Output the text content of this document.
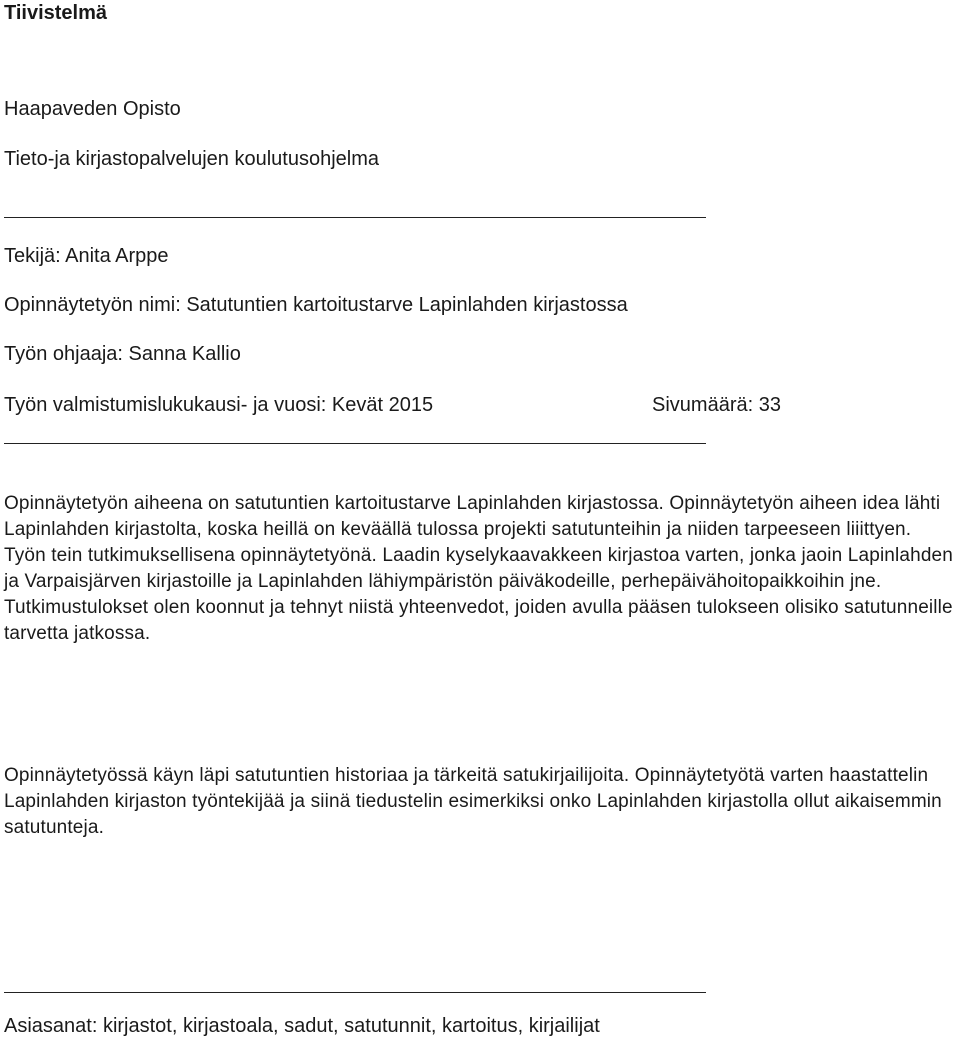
Tiivistelmä

Haapaveden Opisto

Tieto-ja kirjastopalvelujen koulutusohjelma

Tekijä: Anita Arppe

Opinnäytetyön nimi: Satutuntien kartoitustarve Lapinlahden kirjastossa

Työn ohjaaja: Sanna Kallio

Työn valmistumislukukausi- ja vuosi: Kevät 2015	Sivumäärä: 33

Opinnäytetyön aiheena on satutuntien kartoitustarve Lapinlahden kirjastossa. Opinnäytetyön aiheen idea lähti Lapinlahden kirjastolta, koska heillä on keväällä tulossa projekti satutunteihin ja niiden tarpeeseen liiittyen. Työn tein tutkimuksellisena opinnäytetyönä. Laadin kyselykaavakkeen kirjastoa varten, jonka jaoin Lapinlahden ja Varpaisjärven kirjastoille ja Lapinlahden lähiympäristön päiväkodeille, perhepäivähoitopaikkoihin jne. Tutkimustulokset olen koonnut ja tehnyt niistä yhteenvedot, joiden avulla pääsen tulokseen olisiko satutunneille tarvetta jatkossa.

Opinnäytetyössä käyn läpi satutuntien historiaa ja tärkeitä satukirjailijoita. Opinnäytetyötä varten haastattelin Lapinlahden kirjaston työntekijää ja siinä tiedustelin esimerkiksi onko Lapinlahden kirjastolla ollut aikaisemmin satutunteja.

Asiasanat: kirjastot, kirjastoala, sadut, satutunnit, kartoitus, kirjailijat
